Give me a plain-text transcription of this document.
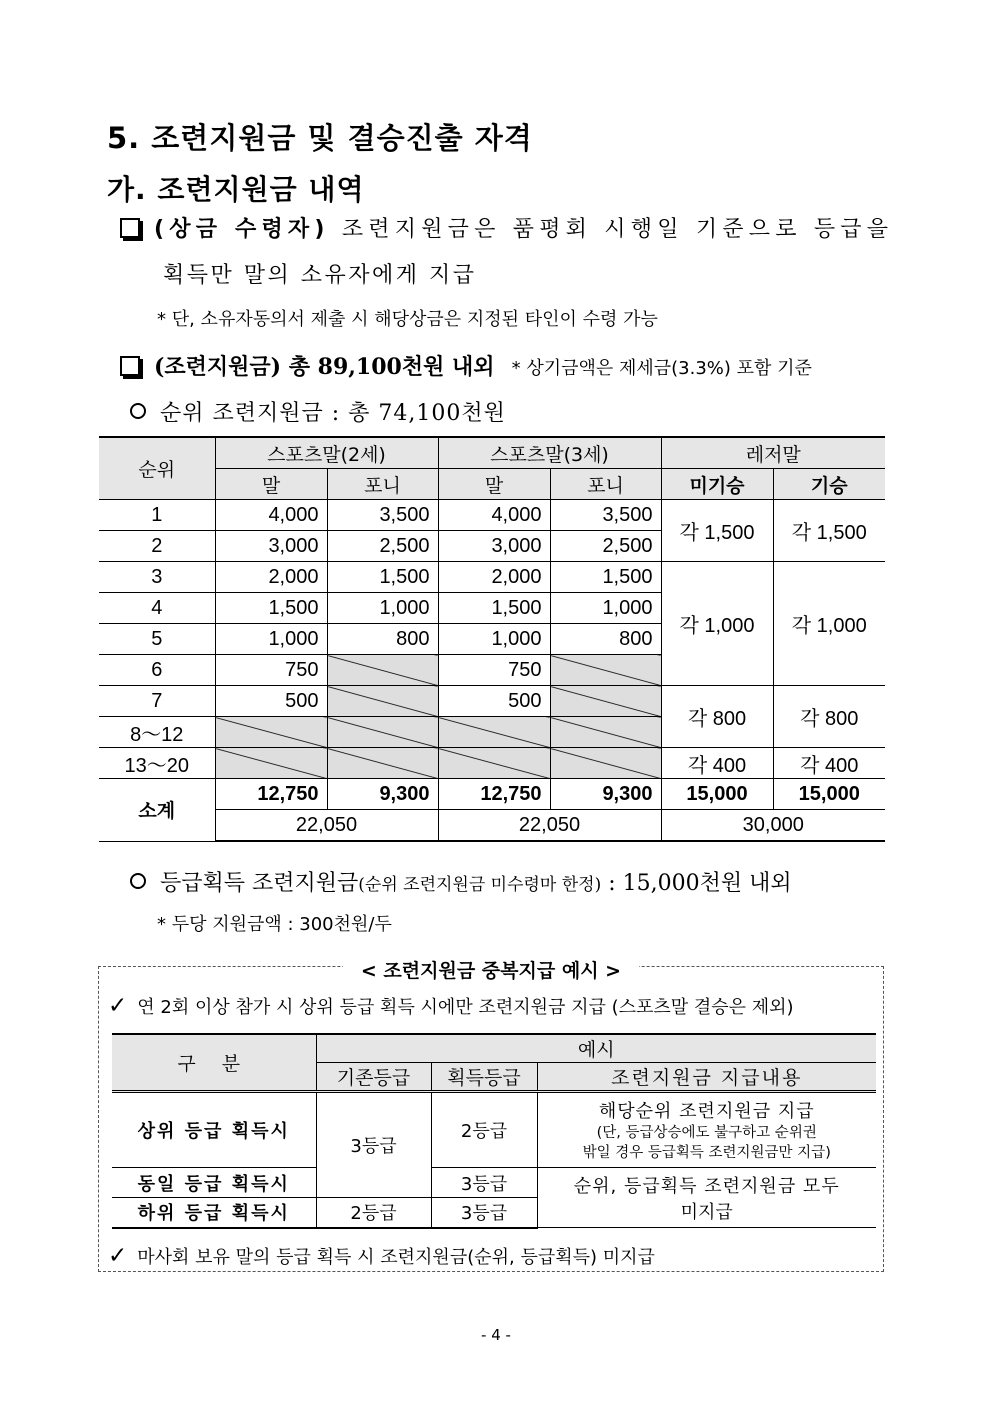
5. 조련지원금 및 결승진출 자격
가. 조련지원금 내역
(상금 수령자) 조련지원금은 품평회 시행일 기준으로 등급을
획득만 말의 소유자에게 지급
* 단, 소유자동의서 제출 시 해당상금은 지정된 타인이 수령 가능
(조련지원금) 총 89,100천원 내외 * 상기금액은 제세금(3.3%) 포함 기준
순위 조련지원금 : 총 74,100천원
순위	스포츠말(2세)		스포츠말(3세)		레저말	
	말	포니	말	포니	미기승	기승
1	4,000	3,500	4,000	3,500	각 1,500	각 1,500
2	3,000	2,500	3,000	2,500		
3	2,000	1,500	2,000	1,500	각 1,000	각 1,000
4	1,500	1,000	1,500	1,000		
5	1,000	800	1,000	800		
6	750		750			
7	500		500		각 800	각 800
8～12						
13～20					각 400	각 400
소계	12,750	9,300	12,750	9,300	15,000	15,000
	22,050		22,050		30,000	
등급획득 조련지원금(순위 조련지원금 미수령마 한정) : 15,000천원 내외
* 두당 지원금액 : 300천원/두
< 조련지원금 중복지급 예시 >
✓ 연 2회 이상 참가 시 상위 등급 획득 시에만 조련지원금 지급 (스포츠말 결승은 제외)
구 분	예시		
	기존등급	획득등급	조련지원금 지급내용
상위 등급 획득시	3등급	2등급	해당순위 조련지원금 지급
(단, 등급상승에도 불구하고 순위권
밖일 경우 등급획득 조련지원금만 지급)

동일 등급 획득시		3등급	순위, 등급획득 조련지원금 모두
미지급

하위 등급 획득시	2등급	3등급	
✓ 마사회 보유 말의 등급 획득 시 조련지원금(순위, 등급획득) 미지급
- 4 -
